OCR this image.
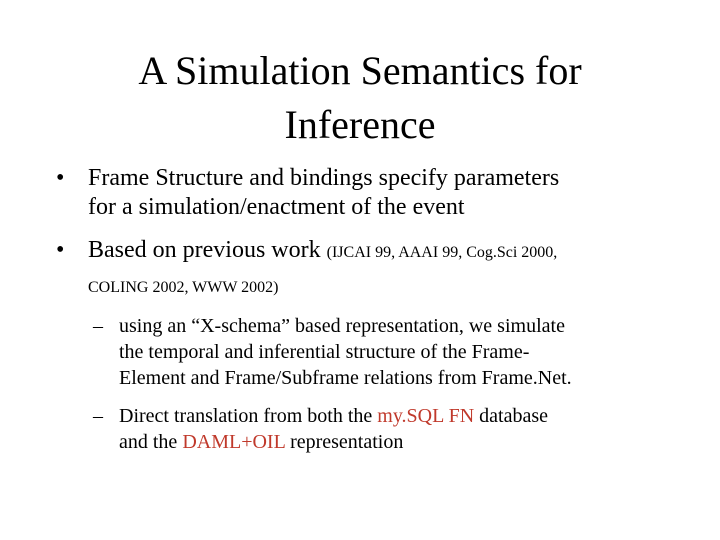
A Simulation Semantics for
Inference
• Frame Structure and bindings specify parameters
for a simulation/enactment of the event
• Based on previous work (IJCAI 99, AAAI 99, Cog.Sci 2000,
COLING 2002, WWW 2002)
– using an “X-schema” based representation, we simulate
the temporal and inferential structure of the Frame-
Element and Frame/Subframe relations from Frame.Net.
– Direct translation from both the my.SQL FN database
and the DAML+OIL representation
